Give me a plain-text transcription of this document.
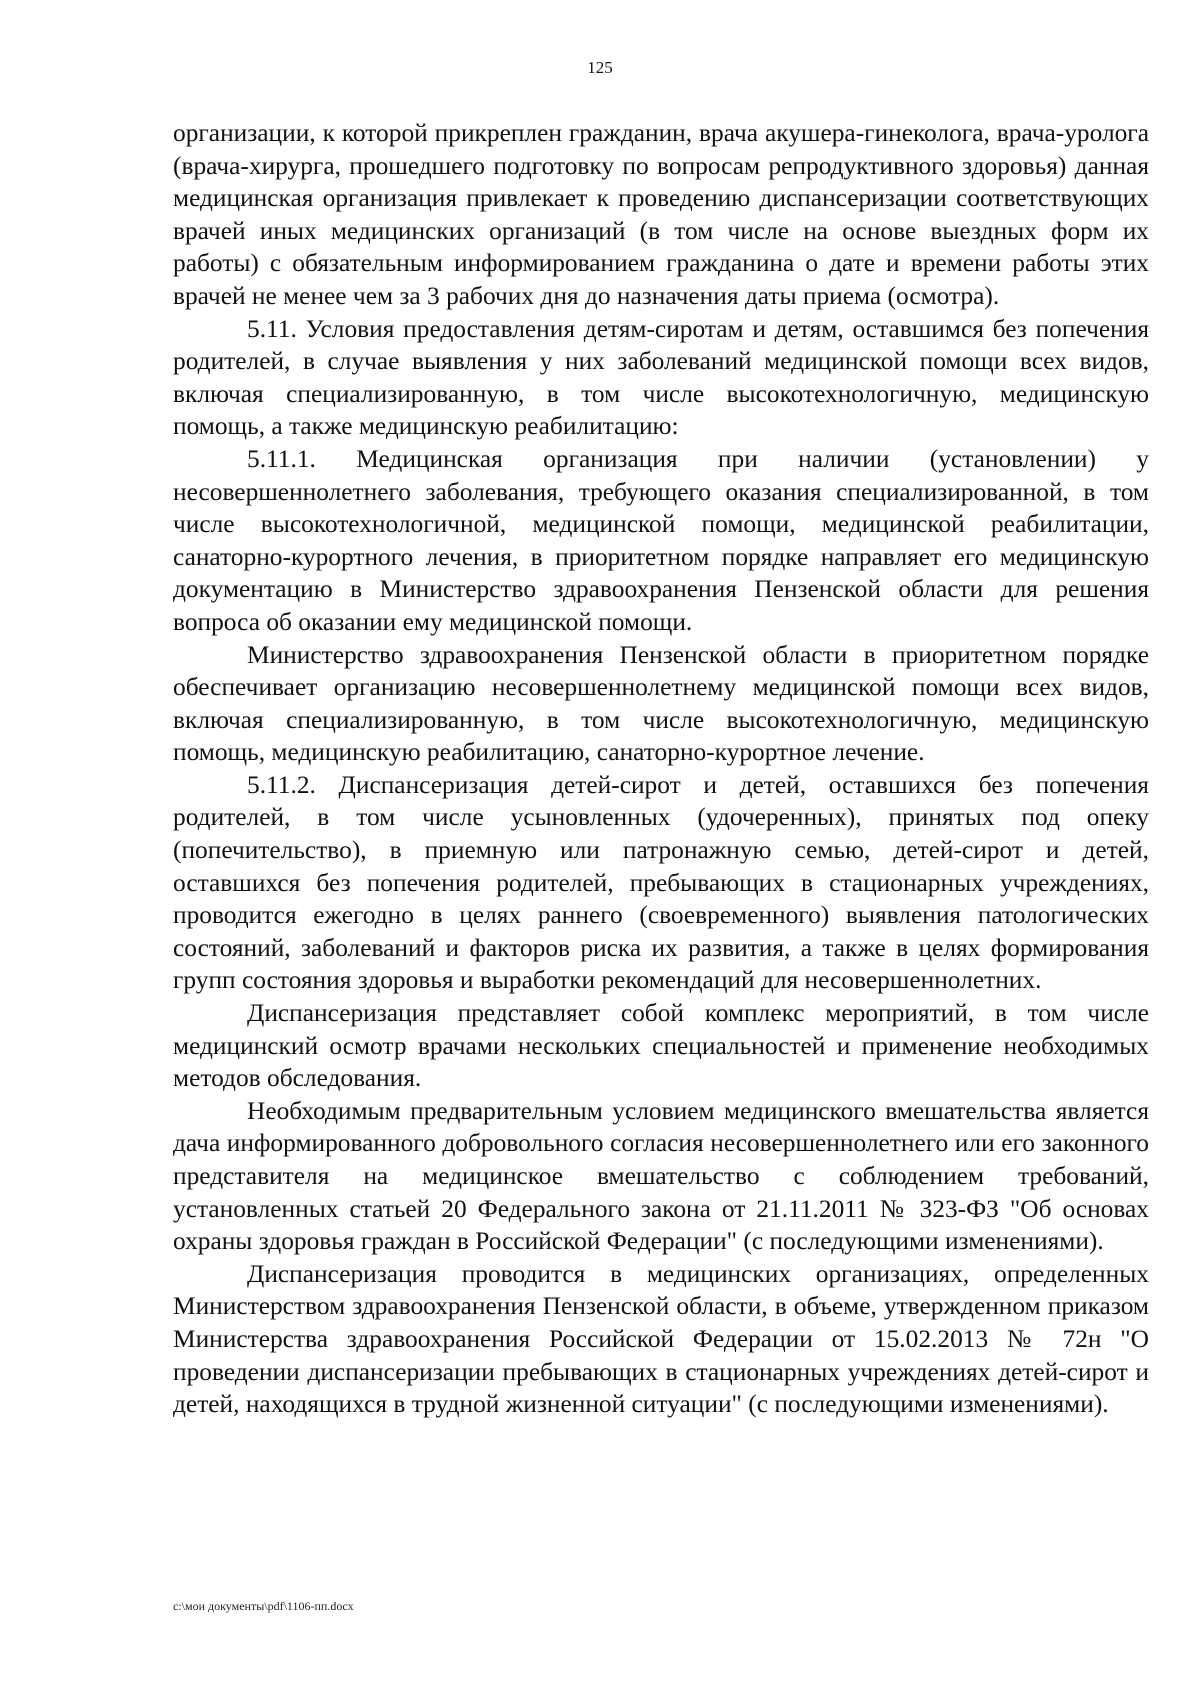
125

организации, к которой прикреплен гражданин, врача акушера-гинеколога, врача-уролога (врача-хирурга, прошедшего подготовку по вопросам репродуктивного здоровья) данная медицинская организация привлекает к проведению диспансеризации соответствующих врачей иных медицинских организаций (в том числе на основе выездных форм их работы) с обязательным информированием гражданина о дате и времени работы этих врачей не менее чем за 3 рабочих дня до назначения даты приема (осмотра).

5.11. Условия предоставления детям-сиротам и детям, оставшимся без попечения родителей, в случае выявления у них заболеваний медицинской помощи всех видов, включая специализированную, в том числе высокотехнологичную, медицинскую помощь, а также медицинскую реабилитацию:

5.11.1. Медицинская организация при наличии (установлении) у несовершеннолетнего заболевания, требующего оказания специализированной, в том числе высокотехнологичной, медицинской помощи, медицинской реабилитации, санаторно-курортного лечения, в приоритетном порядке направляет его медицинскую документацию в Министерство здравоохранения Пензенской области для решения вопроса об оказании ему медицинской помощи.

Министерство здравоохранения Пензенской области в приоритетном порядке обеспечивает организацию несовершеннолетнему медицинской помощи всех видов, включая специализированную, в том числе высокотехнологичную, медицинскую помощь, медицинскую реабилитацию, санаторно-курортное лечение.

5.11.2. Диспансеризация детей-сирот и детей, оставшихся без попечения родителей, в том числе усыновленных (удочеренных), принятых под опеку (попечительство), в приемную или патронажную семью, детей-сирот и детей, оставшихся без попечения родителей, пребывающих в стационарных учреждениях, проводится ежегодно в целях раннего (своевременного) выявления патологических состояний, заболеваний и факторов риска их развития, а также в целях формирования групп состояния здоровья и выработки рекомендаций для несовершеннолетних.

Диспансеризация представляет собой комплекс мероприятий, в том числе медицинский осмотр врачами нескольких специальностей и применение необходимых методов обследования.

Необходимым предварительным условием медицинского вмешательства является дача информированного добровольного согласия несовершеннолетнего или его законного представителя на медицинское вмешательство с соблюдением требований, установленных статьей 20 Федерального закона от 21.11.2011 № 323-ФЗ "Об основах охраны здоровья граждан в Российской Федерации" (с последующими изменениями).

Диспансеризация проводится в медицинских организациях, определенных Министерством здравоохранения Пензенской области, в объеме, утвержденном приказом Министерства здравоохранения Российской Федерации от 15.02.2013 № 72н "О проведении диспансеризации пребывающих в стационарных учреждениях детей-сирот и детей, находящихся в трудной жизненной ситуации" (с последующими изменениями).

c:\мои документы\pdf\1106-пп.docx
